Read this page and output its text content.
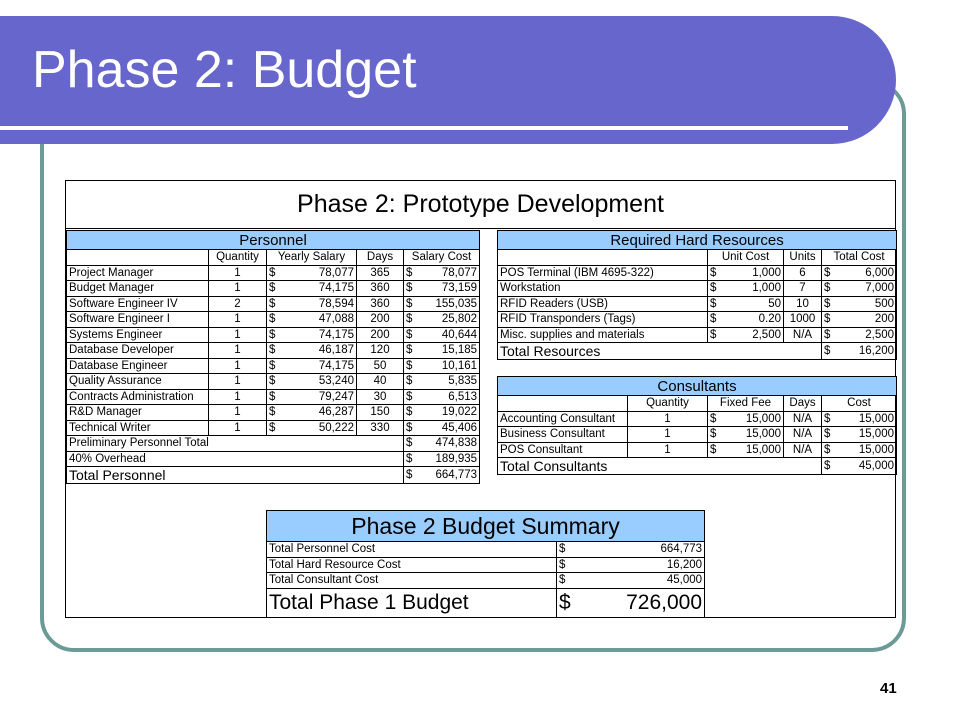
Phase 2: Budget
Phase 2: Prototype Development
Personnel				
	Quantity	Yearly Salary	Days	Salary Cost
Project Manager	1	$ 78,077	365	$ 78,077

Budget Manager	1	$ 74,175	360	$ 73,159

Software Engineer IV	2	$ 78,594	360	$ 155,035

Software Engineer I	1	$ 47,088	200	$ 25,802

Systems Engineer	1	$ 74,175	200	$ 40,644

Database Developer	1	$ 46,187	120	$ 15,185

Database Engineer	1	$ 74,175	50	$ 10,161

Quality Assurance	1	$ 53,240	40	$ 5,835

Contracts Administration	1	$ 79,247	30	$ 6,513

R&D Manager	1	$ 46,287	150	$ 19,022

Technical Writer	1	$ 50,222	330	$ 45,406

Preliminary Personnel Total				$ 474,838

40% Overhead				$ 189,935

Total Personnel				$ 664,773
Required Hard Resources			
	Unit Cost	Units	Total Cost
POS Terminal (IBM 4695-322)	$ 1,000	6	$ 6,000

Workstation	$ 1,000	7	$ 7,000

RFID Readers (USB)	$ 50	10	$ 500

RFID Transponders (Tags)	$ 0.20	1000	$ 200

Misc. supplies and materials	$ 2,500	N/A	$ 2,500

Total Resources			$ 16,200
Consultants				
	Quantity	Fixed Fee	Days	Cost
Accounting Consultant	1	$ 15,000	N/A	$ 15,000

Business Consultant	1	$ 15,000	N/A	$ 15,000

POS Consultant	1	$ 15,000	N/A	$ 15,000

Total Consultants				$ 45,000
Phase 2 Budget Summary	
Total Personnel Cost	$ 664,773

Total Hard Resource Cost	$ 16,200

Total Consultant Cost	$ 45,000

Total Phase 1 Budget	$ 726,000
41
